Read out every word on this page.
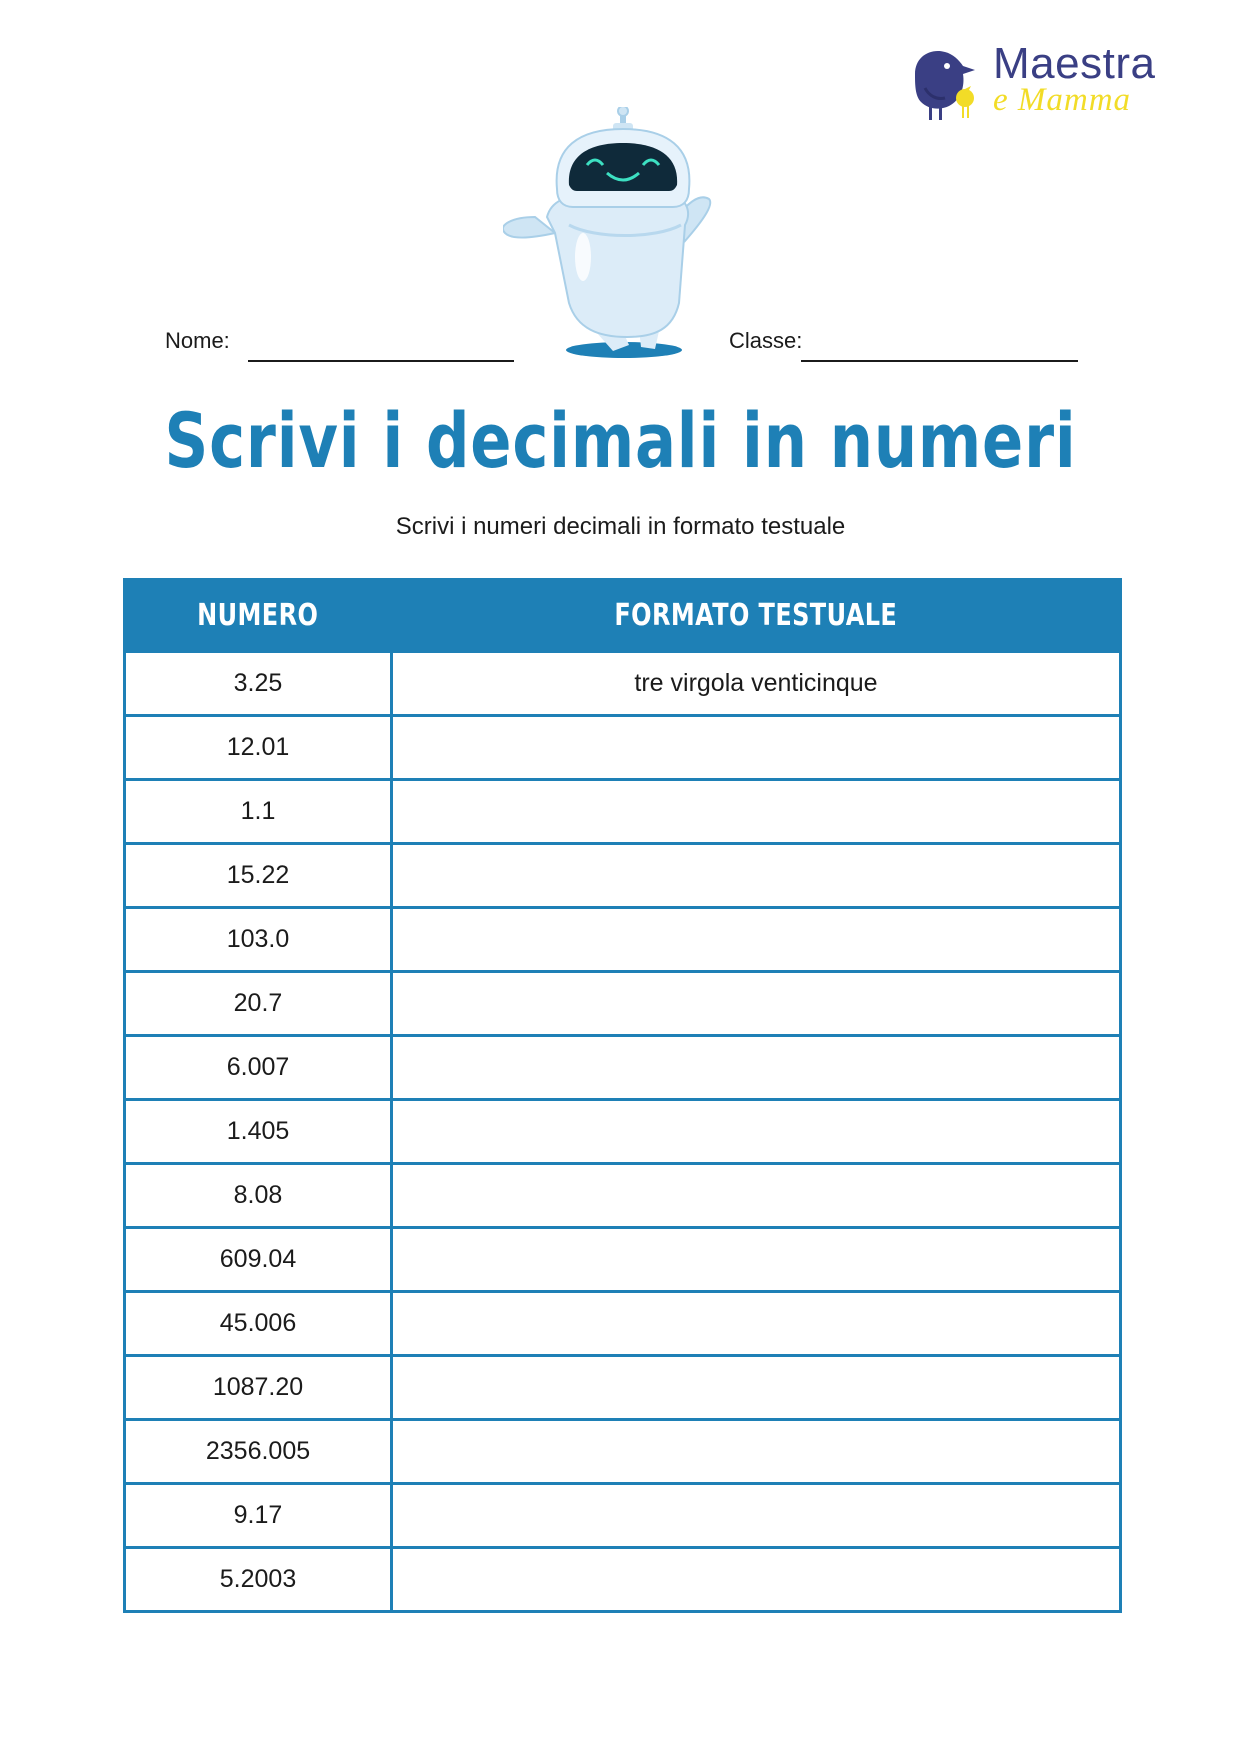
Maestra
e Mamma
Nome:	Classe:
Scrivi i decimali in numeri
Scrivi i numeri decimali in formato testuale
NUMERO	FORMATO TESTUALE
3.25	tre virgola venticinque
12.01	
1.1	
15.22	
103.0	
20.7	
6.007	
1.405	
8.08	
609.04	
45.006	
1087.20	
2356.005	
9.17	
5.2003	
